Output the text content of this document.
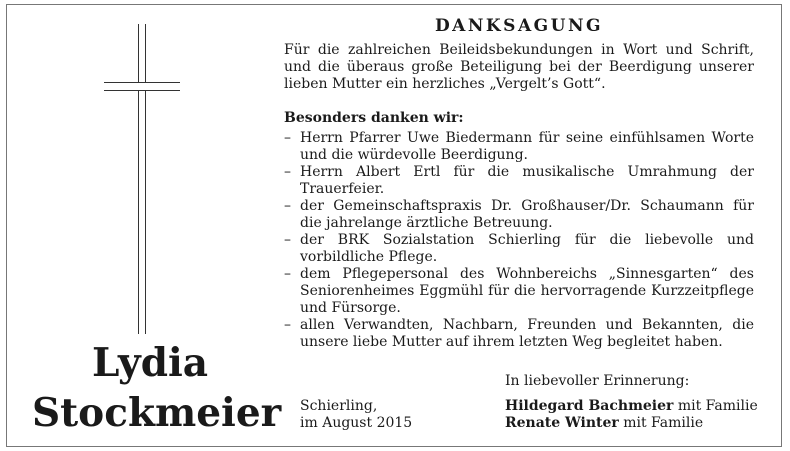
Lydia
Stockmeier
DANKSAGUNG
Für die zahlreichen Beileidsbekundungen in Wort und Schrift, und die überaus große Beteiligung bei der Beerdigung unserer lieben Mutter ein herzliches „Vergelt’s Gott“.
Besonders danken wir:
– Herrn Pfarrer Uwe Biedermann für seine einfühlsamen Worte und die würdevolle Beerdigung.
– Herrn Albert Ertl für die musikalische Umrahmung der Trauerfeier.
– der Gemeinschaftspraxis Dr. Großhauser/Dr. Schaumann für die jahrelange ärztliche Betreuung.
– der BRK Sozialstation Schierling für die liebevolle und vorbildliche Pflege.
– dem Pflegepersonal des Wohnbereichs „Sinnesgarten“ des Seniorenheimes Eggmühl für die hervorragende Kurzzeitpflege und Fürsorge.
– allen Verwandten, Nachbarn, Freunden und Bekannten, die unsere liebe Mutter auf ihrem letzten Weg begleitet haben.
In liebevoller Erinnerung:
Schierling,
im August 2015
Hildegard Bachmeier mit Familie
Renate Winter mit Familie
